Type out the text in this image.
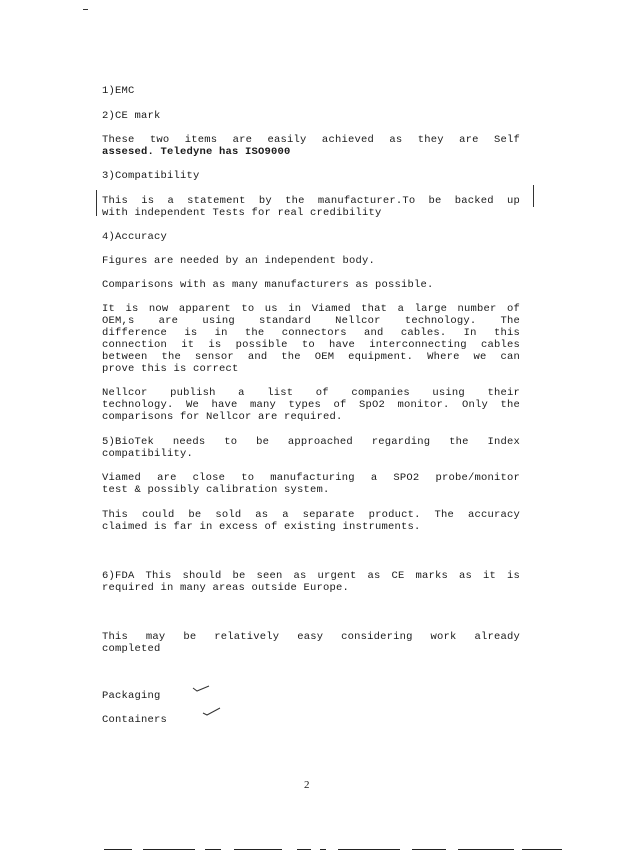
1)EMC
2)CE mark
These two items are easily achieved as they are Self
assesed. Teledyne has ISO9000
3)Compatibility
This is a statement by the manufacturer.To be backed up
with independent Tests for real credibility
4)Accuracy
Figures are needed by an independent body.
Comparisons with as many manufacturers as possible.
It is now apparent to us in Viamed that a large number of
OEM,s are using standard Nellcor technology. The
difference is in the connectors and cables. In this
connection it is possible to have interconnecting cables
between the sensor and the OEM equipment. Where we can
prove this is correct
Nellcor publish a list of companies using their
technology. We have many types of SpO2 monitor. Only the
comparisons for Nellcor are required.
5)BioTek needs to be approached regarding the Index
compatibility.
Viamed are close to manufacturing a SPO2 probe/monitor
test & possibly calibration system.
This could be sold as a separate product. The accuracy
claimed is far in excess of existing instruments.
6)FDA This should be seen as urgent as CE marks as it is
required in many areas outside Europe.
This may be relatively easy considering work already
completed
Packaging
Containers
2
